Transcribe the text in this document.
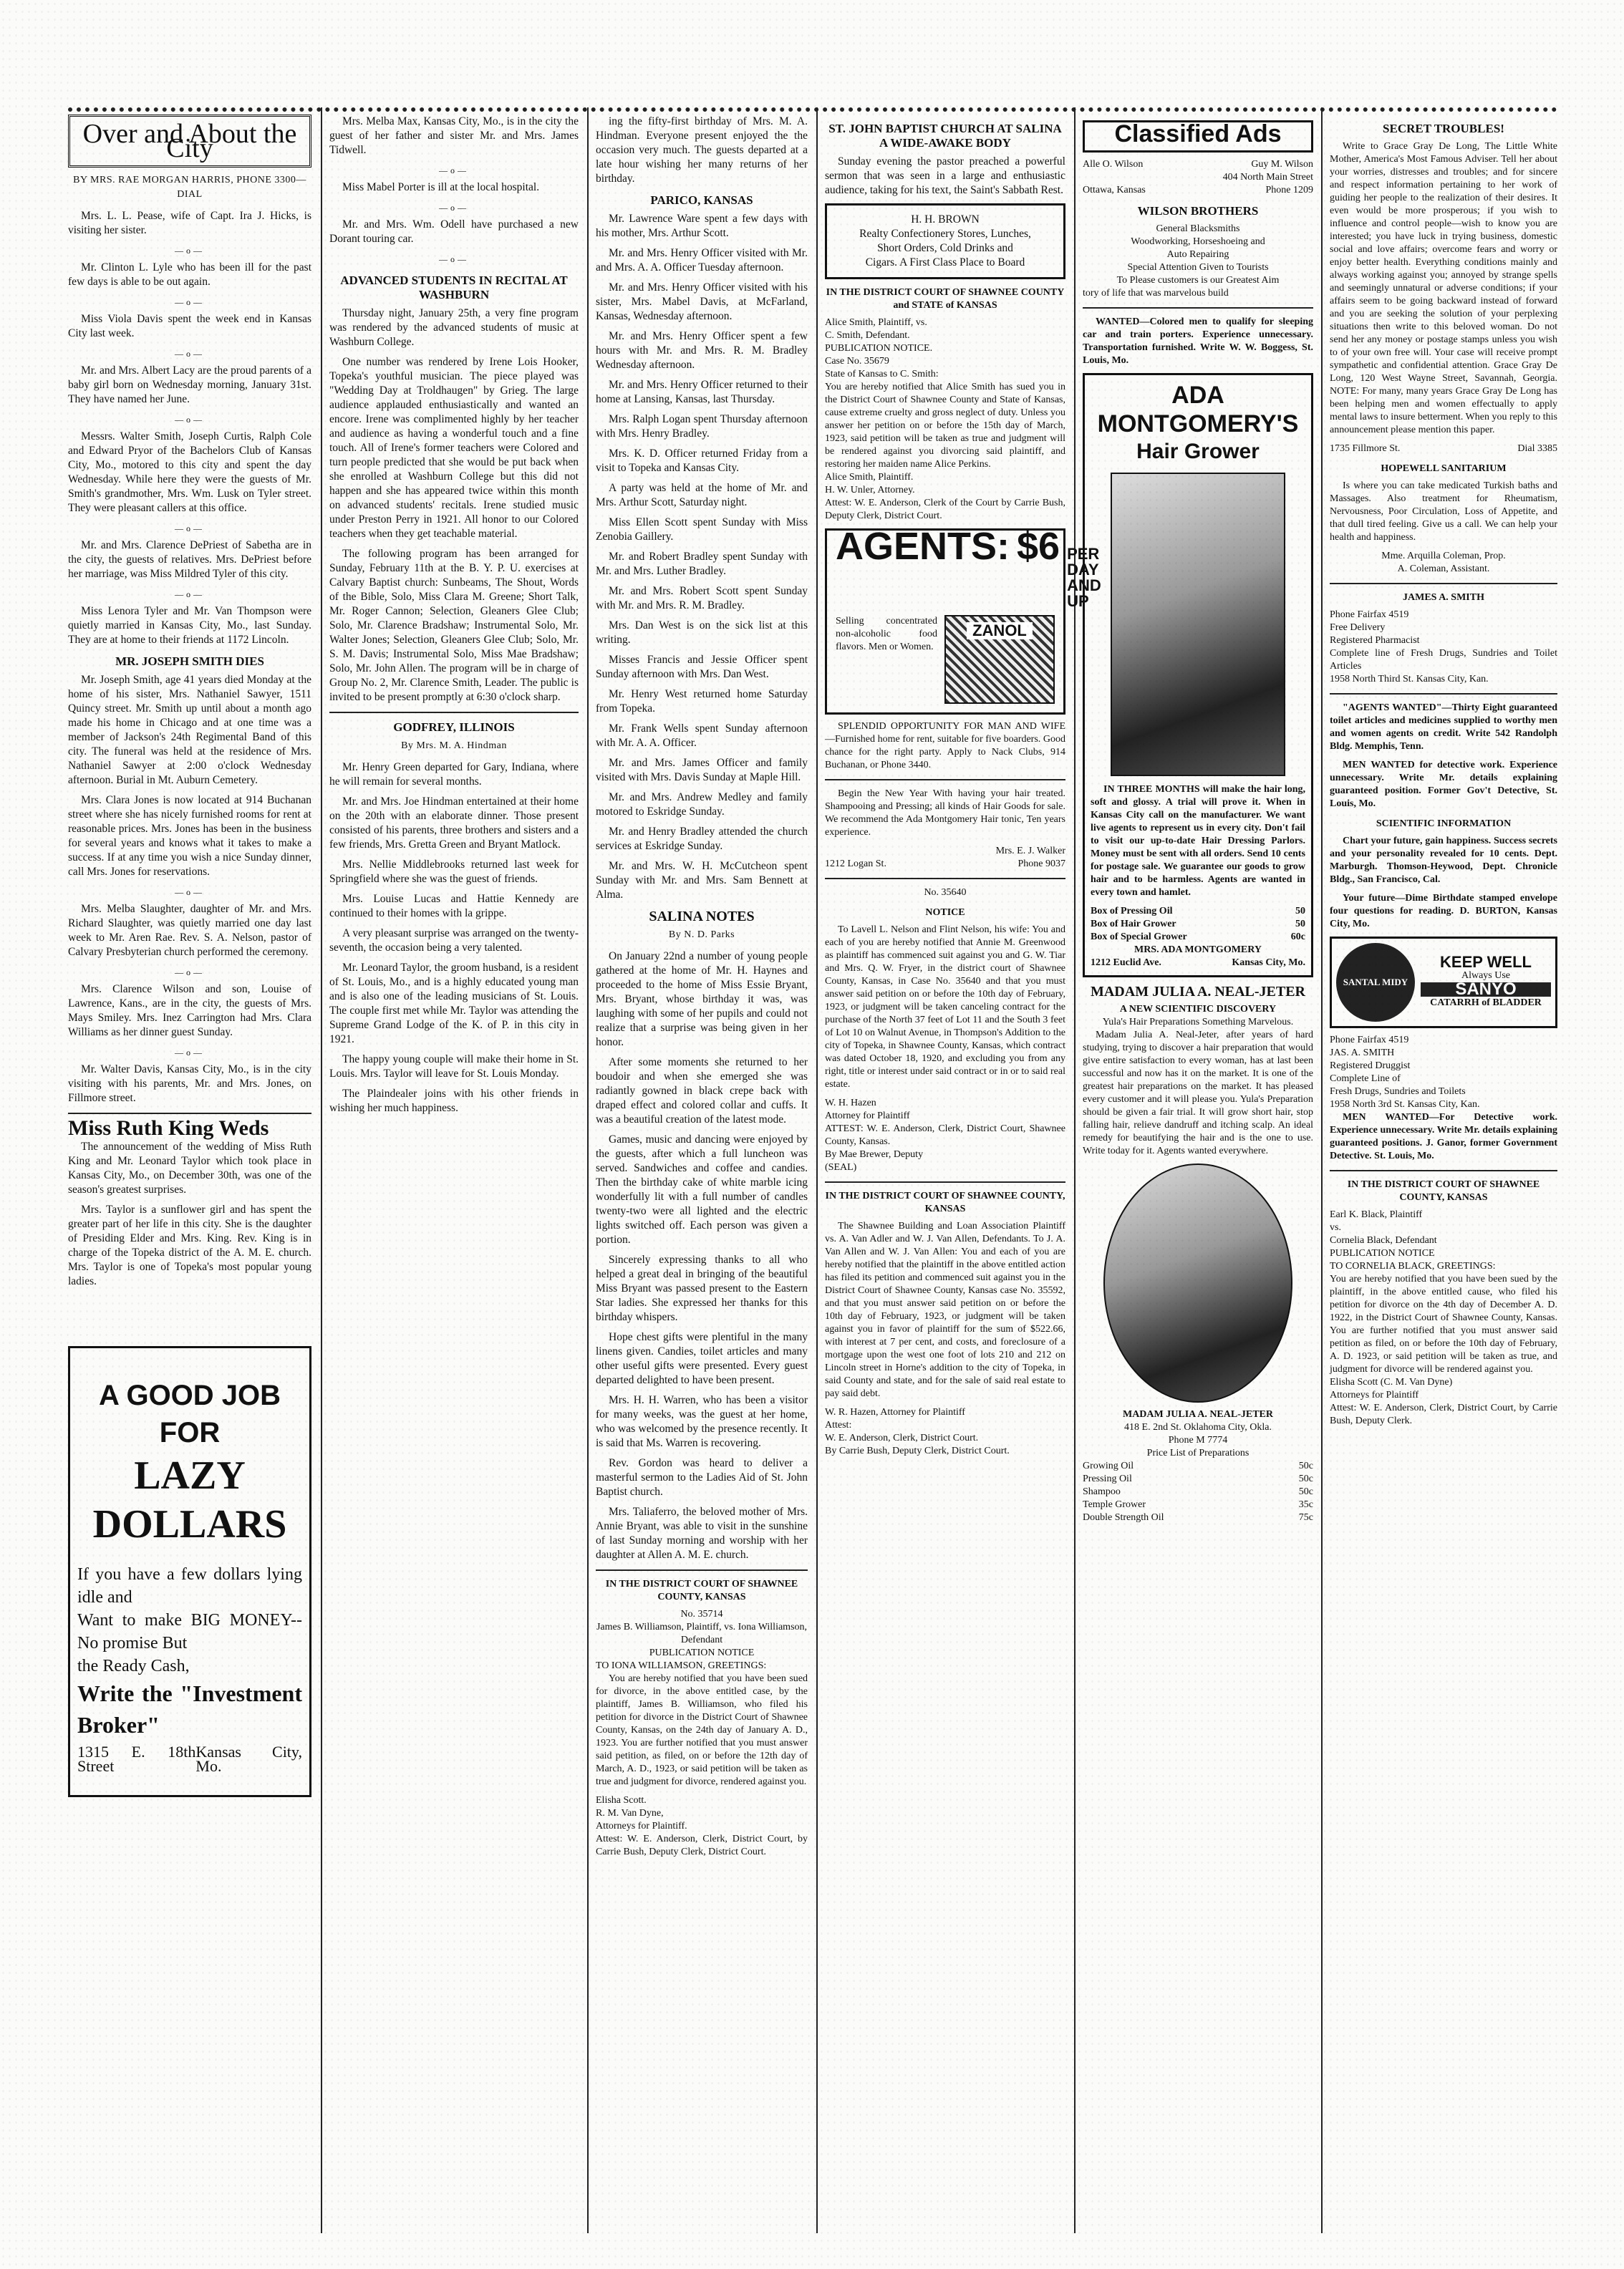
Over and About the City
BY MRS. RAE MORGAN HARRIS, PHONE 3300—DIAL

Mrs. L. L. Pease, wife of Capt. Ira J. Hicks, is visiting her sister.

—o—

Mr. Clinton L. Lyle who has been ill for the past few days is able to be out again.

—o—

Miss Viola Davis spent the week end in Kansas City last week.

—o—

Mr. and Mrs. Albert Lacy are the proud parents of a baby girl born on Wednesday morning, January 31st. They have named her June.

—o—

Messrs. Walter Smith, Joseph Curtis, Ralph Cole and Edward Pryor of the Bachelors Club of Kansas City, Mo., motored to this city and spent the day Wednesday. While here they were the guests of Mr. Smith's grandmother, Mrs. Wm. Lusk on Tyler street. They were pleasant callers at this office.

—o—

Mr. and Mrs. Clarence DePriest of Sabetha are in the city, the guests of relatives. Mrs. DePriest before her marriage, was Miss Mildred Tyler of this city.

—o—

Miss Lenora Tyler and Mr. Van Thompson were quietly married in Kansas City, Mo., last Sunday. They are at home to their friends at 1172 Lincoln.

MR. JOSEPH SMITH DIES

Mr. Joseph Smith, age 41 years died Monday at the home of his sister, Mrs. Nathaniel Sawyer, 1511 Quincy street. Mr. Smith up until about a month ago made his home in Chicago and at one time was a member of Jackson's 24th Regimental Band of this city. The funeral was held at the residence of Mrs. Nathaniel Sawyer at 2:00 o'clock Wednesday afternoon. Burial in Mt. Auburn Cemetery.

Mrs. Clara Jones is now located at 914 Buchanan street where she has nicely furnished rooms for rent at reasonable prices. Mrs. Jones has been in the business for several years and knows what it takes to make a success. If at any time you wish a nice Sunday dinner, call Mrs. Jones for reservations.

—o—

Mrs. Melba Slaughter, daughter of Mr. and Mrs. Richard Slaughter, was quietly married one day last week to Mr. Aren Rae. Rev. S. A. Nelson, pastor of Calvary Presbyterian church performed the ceremony.

—o—

Mrs. Clarence Wilson and son, Louise of Lawrence, Kans., are in the city, the guests of Mrs. Mays Smiley. Mrs. Inez Carrington had Mrs. Clara Williams as her dinner guest Sunday.

—o—

Mr. Walter Davis, Kansas City, Mo., is in the city visiting with his parents, Mr. and Mrs. Jones, on Fillmore street.

Miss Ruth King Weds

The announcement of the wedding of Miss Ruth King and Mr. Leonard Taylor which took place in Kansas City, Mo., on December 30th, was one of the season's greatest surprises.

Mrs. Taylor is a sunflower girl and has spent the greater part of her life in this city. She is the daughter of Presiding Elder and Mrs. King. Rev. King is in charge of the Topeka district of the A. M. E. church. Mrs. Taylor is one of Topeka's most popular young ladies.

A GOOD JOB FOR
LAZY DOLLARS
If you have a few dollars lying idle and
Want to make BIG MONEY--No promise But
the Ready Cash,
Write the "Investment Broker"
1315 E. 18th Street
Kansas City, Mo.

Mrs. Melba Max, Kansas City, Mo., is in the city the guest of her father and sister Mr. and Mrs. James Tidwell.

—o—

Miss Mabel Porter is ill at the local hospital.

—o—

Mr. and Mrs. Wm. Odell have purchased a new Dorant touring car.

—o—
ADVANCED STUDENTS IN RECITAL AT WASHBURN

Thursday night, January 25th, a very fine program was rendered by the advanced students of music at Washburn College.

One number was rendered by Irene Lois Hooker, Topeka's youthful musician. The piece played was "Wedding Day at Troldhaugen" by Grieg. The large audience applauded enthusiastically and wanted an encore. Irene was complimented highly by her teacher and audience as having a wonderful touch and a fine touch. All of Irene's former teachers were Colored and turn people predicted that she would be put back when she enrolled at Washburn College but this did not happen and she has appeared twice within this month on advanced students' recitals. Irene studied music under Preston Perry in 1921. All honor to our Colored teachers when they get teachable material.

The following program has been arranged for Sunday, February 11th at the B. Y. P. U. exercises at Calvary Baptist church: Sunbeams, The Shout, Words of the Bible, Solo, Miss Clara M. Greene; Short Talk, Mr. Roger Cannon; Selection, Gleaners Glee Club; Solo, Mr. Clarence Bradshaw; Instrumental Solo, Mr. Walter Jones; Selection, Gleaners Glee Club; Solo, Mr. S. M. Davis; Instrumental Solo, Miss Mae Bradshaw; Solo, Mr. John Allen. The program will be in charge of Group No. 2, Mr. Clarence Smith, Leader. The public is invited to be present promptly at 6:30 o'clock sharp.

GODFREY, ILLINOIS
By Mrs. M. A. Hindman

Mr. Henry Green departed for Gary, Indiana, where he will remain for several months.

Mr. and Mrs. Joe Hindman entertained at their home on the 20th with an elaborate dinner. Those present consisted of his parents, three brothers and sisters and a few friends, Mrs. Gretta Green and Bryant Matlock.

Mrs. Nellie Middlebrooks returned last week for Springfield where she was the guest of friends.

Mrs. Louise Lucas and Hattie Kennedy are continued to their homes with la grippe.

A very pleasant surprise was arranged on the twenty-seventh, the occasion being a very talented.

Mr. Leonard Taylor, the groom husband, is a resident of St. Louis, Mo., and is a highly educated young man and is also one of the leading musicians of St. Louis. The couple first met while Mr. Taylor was attending the Supreme Grand Lodge of the K. of P. in this city in 1921.

The happy young couple will make their home in St. Louis. Mrs. Taylor will leave for St. Louis Monday.

The Plaindealer joins with his other friends in wishing her much happiness.

ing the fifty-first birthday of Mrs. M. A. Hindman. Everyone present enjoyed the the occasion very much. The guests departed at a late hour wishing her many returns of her birthday.

PARICO, KANSAS

Mr. Lawrence Ware spent a few days with his mother, Mrs. Arthur Scott.

Mr. and Mrs. Henry Officer visited with Mr. and Mrs. A. A. Officer Tuesday afternoon.

Mr. and Mrs. Henry Officer visited with his sister, Mrs. Mabel Davis, at McFarland, Kansas, Wednesday afternoon.

Mr. and Mrs. Henry Officer spent a few hours with Mr. and Mrs. R. M. Bradley Wednesday afternoon.

Mr. and Mrs. Henry Officer returned to their home at Lansing, Kansas, last Thursday.

Mrs. Ralph Logan spent Thursday afternoon with Mrs. Henry Bradley.

Mrs. K. D. Officer returned Friday from a visit to Topeka and Kansas City.

A party was held at the home of Mr. and Mrs. Arthur Scott, Saturday night.

Miss Ellen Scott spent Sunday with Miss Zenobia Gaillery.

Mr. and Robert Bradley spent Sunday with Mr. and Mrs. Luther Bradley.

Mr. and Mrs. Robert Scott spent Sunday with Mr. and Mrs. R. M. Bradley.

Mrs. Dan West is on the sick list at this writing.

Misses Francis and Jessie Officer spent Sunday afternoon with Mrs. Dan West.

Mr. Henry West returned home Saturday from Topeka.

Mr. Frank Wells spent Sunday afternoon with Mr. A. A. Officer.

Mr. and Mrs. James Officer and family visited with Mrs. Davis Sunday at Maple Hill.

Mr. and Mrs. Andrew Medley and family motored to Eskridge Sunday.

Mr. and Henry Bradley attended the church services at Eskridge Sunday.

Mr. and Mrs. W. H. McCutcheon spent Sunday with Mr. and Mrs. Sam Bennett at Alma.

SALINA NOTES
By N. D. Parks

On January 22nd a number of young people gathered at the home of Mr. H. Haynes and proceeded to the home of Miss Essie Bryant, Mrs. Bryant, whose birthday it was, was laughing with some of her pupils and could not realize that a surprise was being given in her honor.

After some moments she returned to her boudoir and when she emerged she was radiantly gowned in black crepe back with draped effect and colored collar and cuffs. It was a beautiful creation of the latest mode.

Games, music and dancing were enjoyed by the guests, after which a full luncheon was served. Sandwiches and coffee and candies. Then the birthday cake of white marble icing wonderfully lit with a full number of candles twenty-two were all lighted and the electric lights switched off. Each person was given a portion.

Sincerely expressing thanks to all who helped a great deal in bringing of the beautiful Miss Bryant was passed present to the Eastern Star ladies. She expressed her thanks for this birthday whispers.

Hope chest gifts were plentiful in the many linens given. Candies, toilet articles and many other useful gifts were presented. Every guest departed delighted to have been present.

Mrs. H. H. Warren, who has been a visitor for many weeks, was the guest at her home, who was welcomed by the presence recently. It is said that Ms. Warren is recovering.

Rev. Gordon was heard to deliver a masterful sermon to the Ladies Aid of St. John Baptist church.

Mrs. Taliaferro, the beloved mother of Mrs. Annie Bryant, was able to visit in the sunshine of last Sunday morning and worship with her daughter at Allen A. M. E. church.

IN THE DISTRICT COURT OF SHAWNEE COUNTY, KANSAS
No. 35714
James B. Williamson, Plaintiff, vs. Iona Williamson, Defendant
PUBLICATION NOTICE
TO IONA WILLIAMSON, GREETINGS:

You are hereby notified that you have been sued for divorce, in the above entitled case, by the plaintiff, James B. Williamson, who filed his petition for divorce in the District Court of Shawnee County, Kansas, on the 24th day of January A. D., 1923. You are further notified that you must answer said petition, as filed, on or before the 12th day of March, A. D., 1923, or said petition will be taken as true and judgment for divorce, rendered against you.

Elisha Scott.
R. M. Van Dyne,
Attorneys for Plaintiff.
Attest: W. E. Anderson, Clerk, District Court, by Carrie Bush, Deputy Clerk, District Court.
ST. JOHN BAPTIST CHURCH AT SALINA A WIDE-AWAKE BODY

Sunday evening the pastor preached a powerful sermon that was seen in a large and enthusiastic audience, taking for his text, the Saint's Sabbath Rest.

H. H. BROWN
Realty Confectionery Stores, Lunches,
Short Orders, Cold Drinks and
Cigars. A First Class Place to Board
IN THE DISTRICT COURT OF SHAWNEE COUNTY and STATE of KANSAS
Alice Smith, Plaintiff, vs.
C. Smith, Defendant.
PUBLICATION NOTICE.
Case No. 35679
State of Kansas to C. Smith:
You are hereby notified that Alice Smith has sued you in the District Court of Shawnee County and State of Kansas, cause extreme cruelty and gross neglect of duty. Unless you answer her petition on or before the 15th day of March, 1923, said petition will be taken as true and judgment will be rendered against you divorcing said plaintiff, and restoring her maiden name Alice Perkins.
Alice Smith, Plaintiff.
H. W. Unler, Attorney.
Attest: W. E. Anderson, Clerk of the Court by Carrie Bush, Deputy Clerk, District Court.
AGENTS: $6 PER DAY AND UP
Selling concentrated non-alcoholic food flavors. Men or Women.
ZANOL

SPLENDID OPPORTUNITY FOR MAN AND WIFE—Furnished home for rent, suitable for five boarders. Good chance for the right party. Apply to Nack Clubs, 914 Buchanan, or Phone 3440.

Begin the New Year With having your hair treated. Shampooing and Pressing; all kinds of Hair Goods for sale. We recommend the Ada Montgomery Hair tonic, Ten years experience.

Mrs. E. J. Walker
1212 Logan St.	Phone 9037
No. 35640
NOTICE

To Lavell L. Nelson and Flint Nelson, his wife: You and each of you are hereby notified that Annie M. Greenwood as plaintiff has commenced suit against you and G. W. Tiar and Mrs. Q. W. Fryer, in the district court of Shawnee County, Kansas, in Case No. 35640 and that you must answer said petition on or before the 10th day of February, 1923, or judgment will be taken canceling contract for the purchase of the North 37 feet of Lot 11 and the South 3 feet of Lot 10 on Walnut Avenue, in Thompson's Addition to the city of Topeka, in Shawnee County, Kansas, which contract was dated October 18, 1920, and excluding you from any right, title or interest under said contract or in or to said real estate.

W. H. Hazen
Attorney for Plaintiff
ATTEST: W. E. Anderson, Clerk, District Court, Shawnee County, Kansas.
By Mae Brewer, Deputy
(SEAL)
IN THE DISTRICT COURT OF SHAWNEE COUNTY, KANSAS

The Shawnee Building and Loan Association Plaintiff vs. A. Van Adler and W. J. Van Allen, Defendants. To J. A. Van Allen and W. J. Van Allen: You and each of you are hereby notified that the plaintiff in the above entitled action has filed its petition and commenced suit against you in the District Court of Shawnee County, Kansas case No. 35592, and that you must answer said petition on or before the 10th day of February, 1923, or judgment will be taken against you in favor of plaintiff for the sum of $522.66, with interest at 7 per cent, and costs, and foreclosure of a mortgage upon the west one foot of lots 210 and 212 on Lincoln street in Horne's addition to the city of Topeka, in said County and state, and for the sale of said real estate to pay said debt.

W. R. Hazen, Attorney for Plaintiff
Attest:
W. E. Anderson, Clerk, District Court.
By Carrie Bush, Deputy Clerk, District Court.
Classified Ads
Alle O. Wilson	Guy M. Wilson
404 North Main Street
Ottawa, Kansas	Phone 1209
WILSON BROTHERS
General Blacksmiths
Woodworking, Horseshoeing and
Auto Repairing
Special Attention Given to Tourists
To Please customers is our Greatest Aim
tory of life that was marvelous build

WANTED—Colored men to qualify for sleeping car and train porters. Experience unnecessary. Transportation furnished. Write W. W. Boggess, St. Louis, Mo.

ADA MONTGOMERY'S
Hair Grower

IN THREE MONTHS will make the hair long, soft and glossy. A trial will prove it. When in Kansas City call on the manufacturer. We want live agents to represent us in every city. Don't fail to visit our up-to-date Hair Dressing Parlors. Money must be sent with all orders. Send 10 cents for postage sale. We guarantee our goods to grow hair and to be harmless. Agents are wanted in every town and hamlet.

Box of Pressing Oil	50
Box of Hair Grower	50
Box of Special Grower	60c
MRS. ADA MONTGOMERY
1212 Euclid Ave.	Kansas City, Mo.
MADAM JULIA A. NEAL-JETER
A NEW SCIENTIFIC DISCOVERY
Yula's Hair Preparations Something Marvelous.

Madam Julia A. Neal-Jeter, after years of hard studying, trying to discover a hair preparation that would give entire satisfaction to every woman, has at last been successful and now has it on the market. It is one of the greatest hair preparations on the market. It has pleased every customer and it will please you. Yula's Preparation should be given a fair trial. It will grow short hair, stop falling hair, relieve dandruff and itching scalp. An ideal remedy for beautifying the hair and is the one to use. Write today for it. Agents wanted everywhere.

MADAM JULIA A. NEAL-JETER
418 E. 2nd St. Oklahoma City, Okla.
Phone M 7774
Price List of Preparations
Growing Oil	50c
Pressing Oil	50c
Shampoo	50c
Temple Grower	35c
Double Strength Oil	75c
SECRET TROUBLES!

Write to Grace Gray De Long, The Little White Mother, America's Most Famous Adviser. Tell her about your worries, distresses and troubles; and for sincere and respect information pertaining to her work of guiding her people to the realization of their desires. It even would be more prosperous; if you wish to influence and control people—wish to know you are interested; you have luck in trying business, domestic social and love affairs; overcome fears and worry or enjoy better health. Everything conditions mainly and always working against you; annoyed by strange spells and seemingly unnatural or adverse conditions; if your affairs seem to be going backward instead of forward and you are seeking the solution of your perplexing situations then write to this beloved woman. Do not send her any money or postage stamps unless you wish to of your own free will. Your case will receive prompt sympathetic and confidential attention. Grace Gray De Long, 120 West Wayne Street, Savannah, Georgia. NOTE: For many, many years Grace Gray De Long has been helping men and women effectually to apply mental laws to insure betterment. When you reply to this announcement please mention this paper.

1735 Fillmore St.	Dial 3385
HOPEWELL SANITARIUM

Is where you can take medicated Turkish baths and Massages. Also treatment for Rheumatism, Nervousness, Poor Circulation, Loss of Appetite, and that dull tired feeling. Give us a call. We can help your health and happiness.

Mme. Arquilla Coleman, Prop.
A. Coleman, Assistant.
JAMES A. SMITH
Phone Fairfax 4519
Free Delivery
Registered Pharmacist
Complete line of Fresh Drugs, Sundries and Toilet Articles
1958 North Third St. Kansas City, Kan.

"AGENTS WANTED"—Thirty Eight guaranteed toilet articles and medicines supplied to worthy men and women agents on credit. Write 542 Randolph Bldg. Memphis, Tenn.

MEN WANTED for detective work. Experience unnecessary. Write Mr. details explaining guaranteed position. Former Gov't Detective, St. Louis, Mo.

SCIENTIFIC INFORMATION

Chart your future, gain happiness. Success secrets and your personality revealed for 10 cents. Dept. Marburgh. Thomson-Heywood, Dept. Chronicle Bldg., San Francisco, Cal.

Your future—Dime Birthdate stamped envelope four questions for reading. D. BURTON, Kansas City, Mo.

SANTAL MIDY
KEEP WELL
Always Use
SANYO
CATARRH of BLADDER
Phone Fairfax 4519
JAS. A. SMITH
Registered Druggist
Complete Line of
Fresh Drugs, Sundries and Toilets
1958 North 3rd St. Kansas City, Kan.

MEN WANTED—For Detective work. Experience unnecessary. Write Mr. details explaining guaranteed positions. J. Ganor, former Government Detective. St. Louis, Mo.

IN THE DISTRICT COURT OF SHAWNEE COUNTY, KANSAS
Earl K. Black, Plaintiff
vs.
Cornelia Black, Defendant
PUBLICATION NOTICE
TO CORNELIA BLACK, GREETINGS:
You are hereby notified that you have been sued by the plaintiff, in the above entitled cause, who filed his petition for divorce on the 4th day of December A. D. 1922, in the District Court of Shawnee County, Kansas. You are further notified that you must answer said petition as filed, on or before the 10th day of February, A. D. 1923, or said petition will be taken as true, and judgment for divorce will be rendered against you.
Elisha Scott (C. M. Van Dyne)
Attorneys for Plaintiff
Attest: W. E. Anderson, Clerk, District Court, by Carrie Bush, Deputy Clerk.
